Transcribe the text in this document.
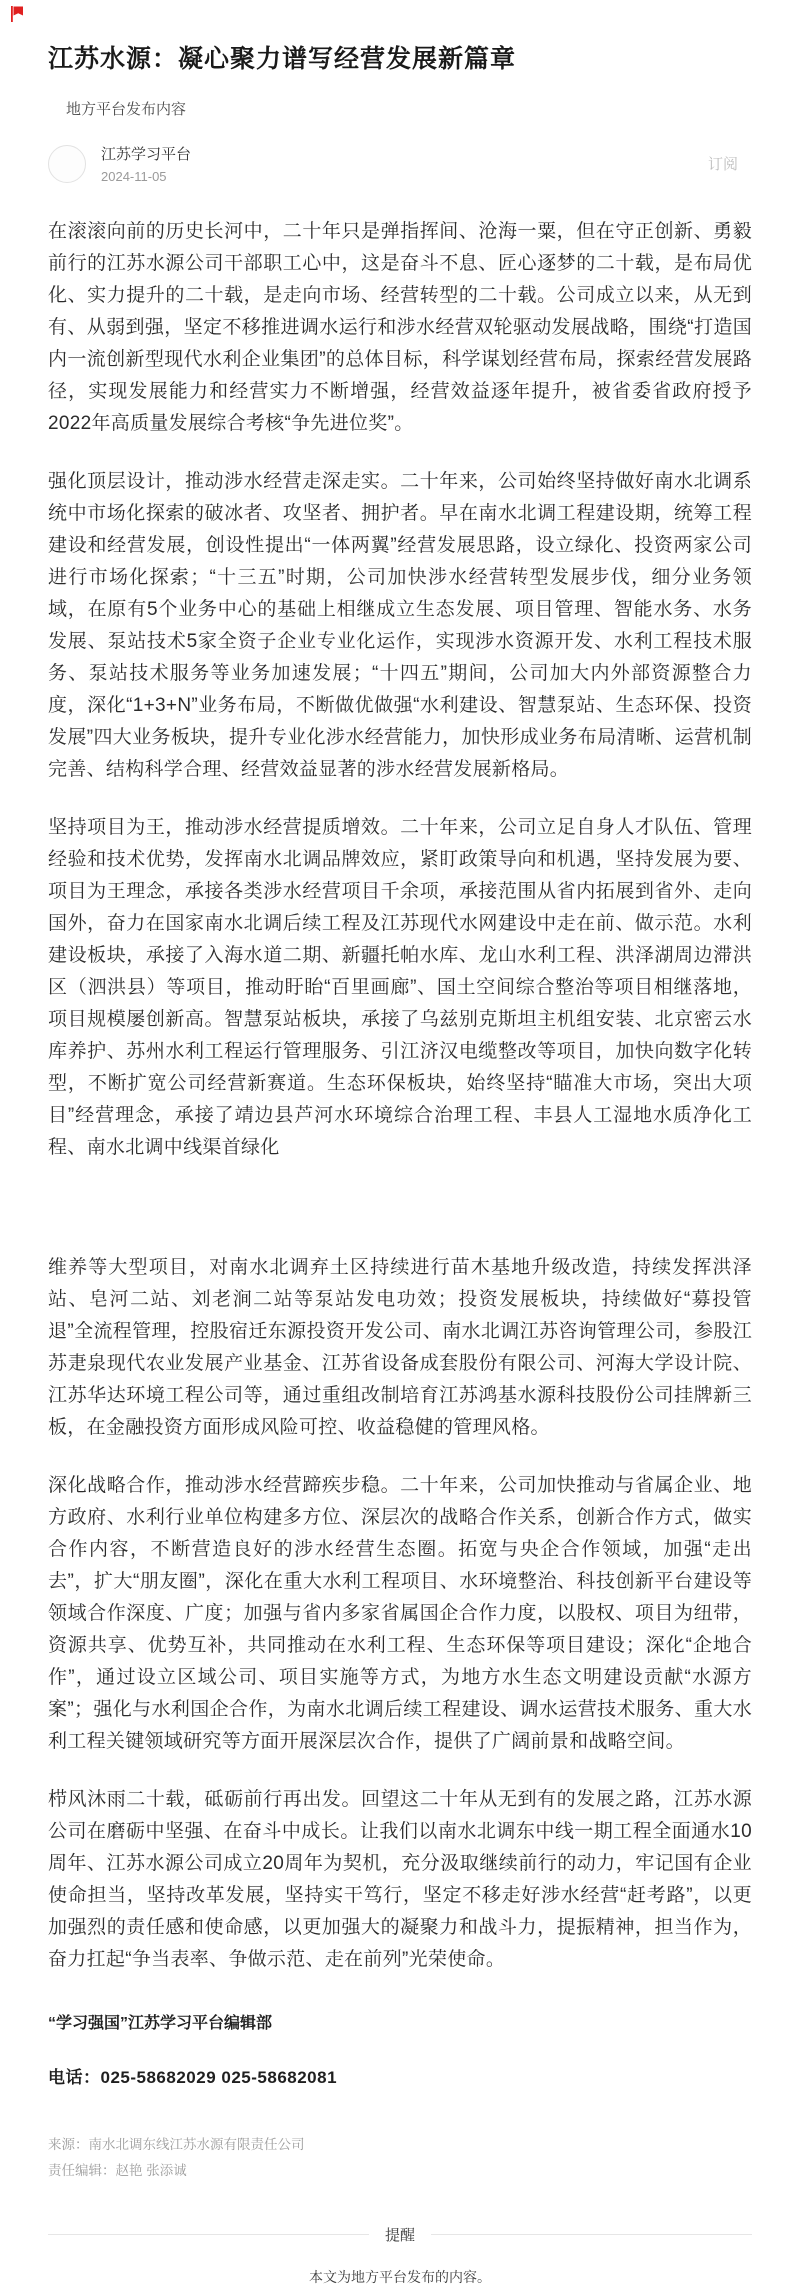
江苏水源：凝心聚力谱写经营发展新篇章
地方平台发布内容
江苏学习平台
2024-11-05
订阅

在滚滚向前的历史长河中，二十年只是弹指挥间、沧海一粟，但在守正创新、勇毅前行的江苏水源公司干部职工心中，这是奋斗不息、匠心逐梦的二十载，是布局优化、实力提升的二十载，是走向市场、经营转型的二十载。公司成立以来，从无到有、从弱到强，坚定不移推进调水运行和涉水经营双轮驱动发展战略，围绕“打造国内一流创新型现代水利企业集团”的总体目标，科学谋划经营布局，探索经营发展路径，实现发展能力和经营实力不断增强，经营效益逐年提升，被省委省政府授予2022年高质量发展综合考核“争先进位奖”。

强化顶层设计，推动涉水经营走深走实。二十年来，公司始终坚持做好南水北调系统中市场化探索的破冰者、攻坚者、拥护者。早在南水北调工程建设期，统筹工程建设和经营发展，创设性提出“一体两翼”经营发展思路，设立绿化、投资两家公司进行市场化探索；“十三五”时期，公司加快涉水经营转型发展步伐，细分业务领域，在原有5个业务中心的基础上相继成立生态发展、项目管理、智能水务、水务发展、泵站技术5家全资子企业专业化运作，实现涉水资源开发、水利工程技术服务、泵站技术服务等业务加速发展；“十四五”期间，公司加大内外部资源整合力度，深化“1+3+N”业务布局，不断做优做强“水利建设、智慧泵站、生态环保、投资发展”四大业务板块，提升专业化涉水经营能力，加快形成业务布局清晰、运营机制完善、结构科学合理、经营效益显著的涉水经营发展新格局。

坚持项目为王，推动涉水经营提质增效。二十年来，公司立足自身人才队伍、管理经验和技术优势，发挥南水北调品牌效应，紧盯政策导向和机遇，坚持发展为要、项目为王理念，承接各类涉水经营项目千余项，承接范围从省内拓展到省外、走向国外，奋力在国家南水北调后续工程及江苏现代水网建设中走在前、做示范。水利建设板块，承接了入海水道二期、新疆托帕水库、龙山水利工程、洪泽湖周边滞洪区（泗洪县）等项目，推动盱眙“百里画廊”、国土空间综合整治等项目相继落地，项目规模屡创新高。智慧泵站板块，承接了乌兹别克斯坦主机组安装、北京密云水库养护、苏州水利工程运行管理服务、引江济汉电缆整改等项目，加快向数字化转型，不断扩宽公司经营新赛道。生态环保板块，始终坚持“瞄准大市场，突出大项目”经营理念，承接了靖边县芦河水环境综合治理工程、丰县人工湿地水质净化工程、南水北调中线渠首绿化

维养等大型项目，对南水北调弃土区持续进行苗木基地升级改造，持续发挥洪泽站、皂河二站、刘老涧二站等泵站发电功效；投资发展板块，持续做好“募投管退”全流程管理，控股宿迁东源投资开发公司、南水北调江苏咨询管理公司，参股江苏疌泉现代农业发展产业基金、江苏省设备成套股份有限公司、河海大学设计院、江苏华达环境工程公司等，通过重组改制培育江苏鸿基水源科技股份公司挂牌新三板，在金融投资方面形成风险可控、收益稳健的管理风格。

深化战略合作，推动涉水经营蹄疾步稳。二十年来，公司加快推动与省属企业、地方政府、水利行业单位构建多方位、深层次的战略合作关系，创新合作方式，做实合作内容，不断营造良好的涉水经营生态圈。拓宽与央企合作领域，加强“走出去”，扩大“朋友圈”，深化在重大水利工程项目、水环境整治、科技创新平台建设等领域合作深度、广度；加强与省内多家省属国企合作力度，以股权、项目为纽带，资源共享、优势互补，共同推动在水利工程、生态环保等项目建设；深化“企地合作”，通过设立区域公司、项目实施等方式，为地方水生态文明建设贡献“水源方案”；强化与水利国企合作，为南水北调后续工程建设、调水运营技术服务、重大水利工程关键领域研究等方面开展深层次合作，提供了广阔前景和战略空间。

栉风沐雨二十载，砥砺前行再出发。回望这二十年从无到有的发展之路，江苏水源公司在磨砺中坚强、在奋斗中成长。让我们以南水北调东中线一期工程全面通水10周年、江苏水源公司成立20周年为契机，充分汲取继续前行的动力，牢记国有企业使命担当，坚持改革发展，坚持实干笃行，坚定不移走好涉水经营“赶考路”，以更加强烈的责任感和使命感，以更加强大的凝聚力和战斗力，提振精神，担当作为，奋力扛起“争当表率、争做示范、走在前列”光荣使命。

“学习强国”江苏学习平台编辑部
电话：025-58682029 025-58682081
来源：南水北调东线江苏水源有限责任公司
责任编辑：赵艳 张添诚
提醒
本文为地方平台发布的内容。
